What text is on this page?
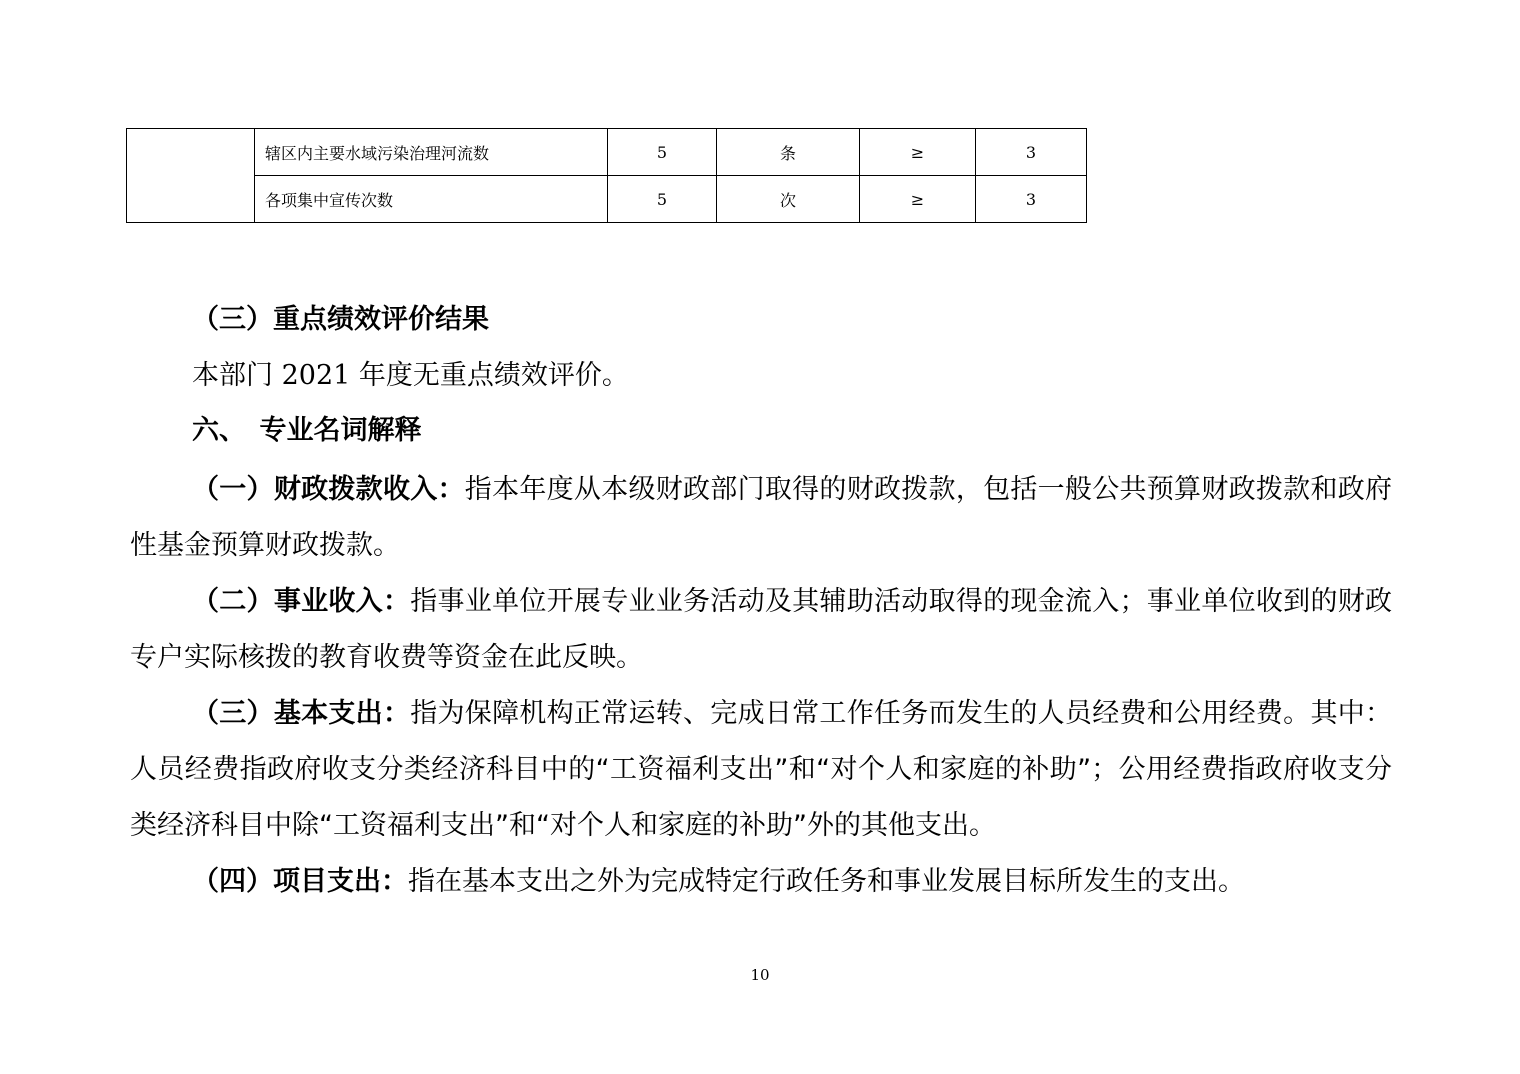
	辖区内主要水域污染治理河流数	5	条	≥	3
	各项集中宣传次数	5	次	≥	3
（三）重点绩效评价结果
本部门 2021 年度无重点绩效评价。
六、　专业名词解释
（一）财政拨款收入：指本年度从本级财政部门取得的财政拨款，包括一般公共预算财政拨款和政府性基金预算财政拨款。
（二）事业收入：指事业单位开展专业业务活动及其辅助活动取得的现金流入；事业单位收到的财政专户实际核拨的教育收费等资金在此反映。
（三）基本支出：指为保障机构正常运转、完成日常工作任务而发生的人员经费和公用经费。其中：人员经费指政府收支分类经济科目中的“工资福利支出”和“对个人和家庭的补助”；公用经费指政府收支分类经济科目中除“工资福利支出”和“对个人和家庭的补助”外的其他支出。
（四）项目支出：指在基本支出之外为完成特定行政任务和事业发展目标所发生的支出。
10
